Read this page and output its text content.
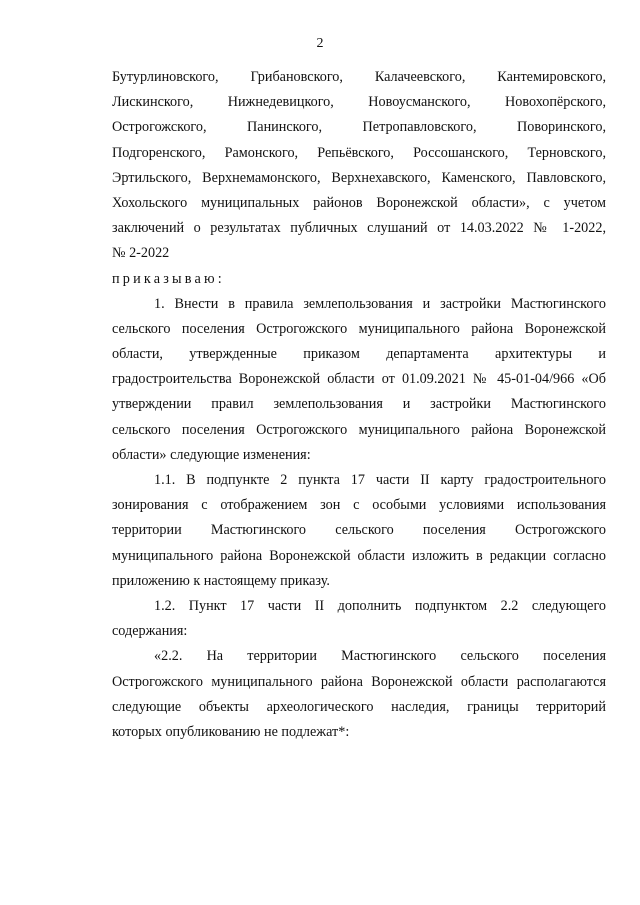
2
Бутурлиновского, Грибановского, Калачеевского, Кантемировского,
Лискинского, Нижнедевицкого, Новоусманского, Новохопёрского,
Острогожского, Панинского, Петропавловского, Поворинского,
Подгоренского, Рамонского, Репьёвского, Россошанского, Терновского,
Эртильского, Верхнемамонского, Верхнехавского, Каменского, Павловского,
Хохольского муниципальных районов Воронежской области», с учетом
заключений о результатах публичных слушаний от 14.03.2022 № 1-2022,
№ 2-2022
приказываю:
1. Внести в правила землепользования и застройки Мастюгинского
сельского поселения Острогожского муниципального района Воронежской
области, утвержденные приказом департамента архитектуры и
градостроительства Воронежской области от 01.09.2021 № 45-01-04/966 «Об
утверждении правил землепользования и застройки Мастюгинского
сельского поселения Острогожского муниципального района Воронежской
области» следующие изменения:
1.1. В подпункте 2 пункта 17 части II карту градостроительного
зонирования с отображением зон с особыми условиями использования
территории Мастюгинского сельского поселения Острогожского
муниципального района Воронежской области изложить в редакции согласно
приложению к настоящему приказу.
1.2. Пункт 17 части II дополнить подпунктом 2.2 следующего
содержания:
«2.2. На территории Мастюгинского сельского поселения
Острогожского муниципального района Воронежской области располагаются
следующие объекты археологического наследия, границы территорий
которых опубликованию не подлежат*:
